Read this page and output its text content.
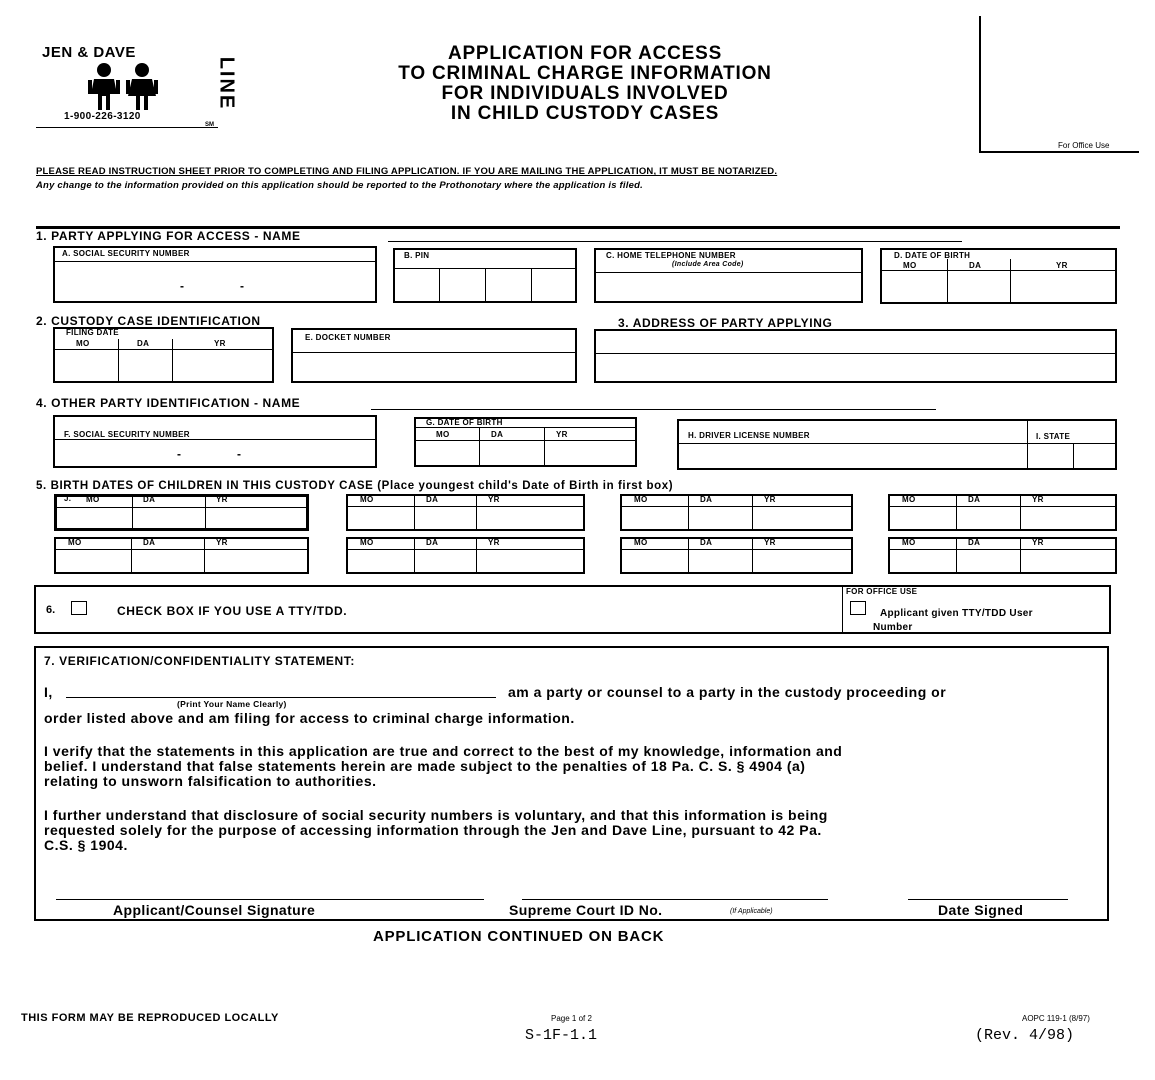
JEN & DAVE
LINE
SM
1-900-226-3120
APPLICATION FOR ACCESS
TO CRIMINAL CHARGE INFORMATION
FOR INDIVIDUALS INVOLVED
IN CHILD CUSTODY CASES
For Office Use
PLEASE READ INSTRUCTION SHEET PRIOR TO COMPLETING AND FILING APPLICATION. IF YOU ARE MAILING THE APPLICATION, IT MUST BE NOTARIZED.
Any change to the information provided on this application should be reported to the Prothonotary where the application is filed.
1. PARTY APPLYING FOR ACCESS - NAME
A. SOCIAL SECURITY NUMBER
-	-
B. PIN	C. HOME TELEPHONE NUMBER
(Include Area Code)
D. DATE OF BIRTH
MO	DA	YR
2. CUSTODY CASE IDENTIFICATION
FILING DATE
MO	DA	YR
E. DOCKET NUMBER
3. ADDRESS OF PARTY APPLYING
4. OTHER PARTY IDENTIFICATION - NAME
F. SOCIAL SECURITY NUMBER
-	-
G. DATE OF BIRTH
MO	DA	YR	H. DRIVER LICENSE NUMBER	I. STATE
5. BIRTH DATES OF CHILDREN IN THIS CUSTODY CASE (Place youngest child's Date of Birth in first box)
J. MO	DA	YR	MO	DA	YR	MO	DA	YR	MO	DA	YR
MO	DA	YR	MO	DA	YR	MO	DA	YR	MO	DA	YR
6.	CHECK BOX IF YOU USE A TTY/TDD.
FOR OFFICE USE
Applicant given TTY/TDD User
Number
7. VERIFICATION/CONFIDENTIALITY STATEMENT:
I,
(Print Your Name Clearly)
am a party or counsel to a party in the custody proceeding or
order listed above and am filing for access to criminal charge information.
I verify that the statements in this application are true and correct to the best of my knowledge, information and
belief. I understand that false statements herein are made subject to the penalties of 18 Pa. C. S. § 4904 (a)
relating to unsworn falsification to authorities.
I further understand that disclosure of social security numbers is voluntary, and that this information is being
requested solely for the purpose of accessing information through the Jen and Dave Line, pursuant to 42 Pa.
C.S. § 1904.
Applicant/Counsel Signature	Supreme Court ID No.	(If Applicable)	Date Signed
APPLICATION CONTINUED ON BACK
THIS FORM MAY BE REPRODUCED LOCALLY	Page 1 of 2
S-1F-1.1
AOPC 119-1 (8/97)
(Rev. 4/98)
